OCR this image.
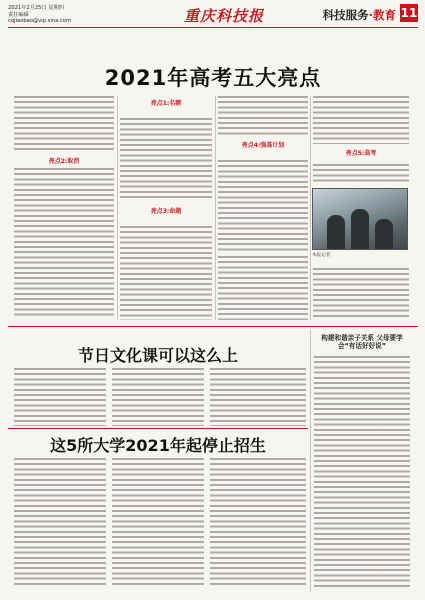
2021年2月25日 星期四
责任编辑
cqjiaobao@vip.sina.com	重庆科技报	科技服务·教育 11
2021年高考五大亮点
亮点2:取消
亮点1:名额
亮点3:命题
亮点4:强基计划
亮点5:高考
本报记者
节日文化课可以这么上
构建和谐亲子关系 父母要学会“有话好好说”
这5所大学2021年起停止招生
